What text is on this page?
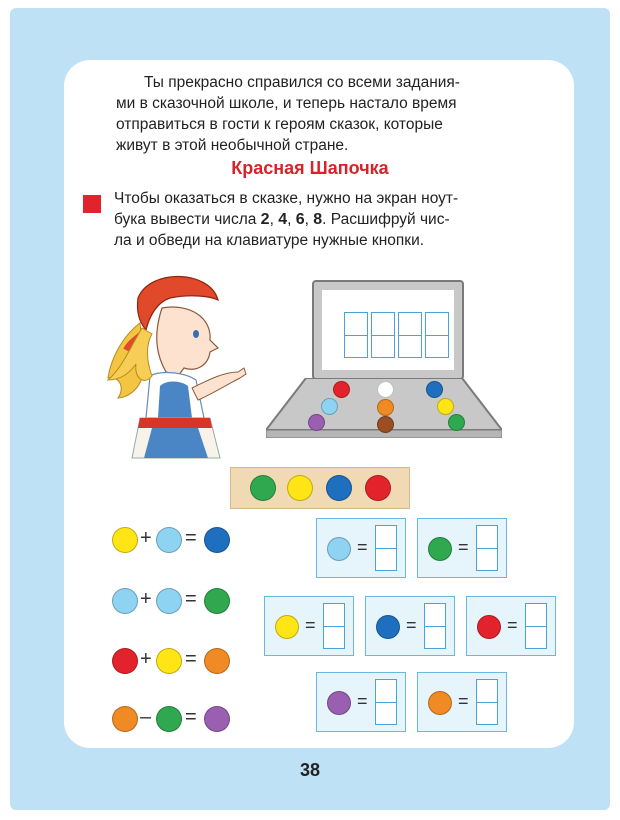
Ты прекрасно справился со всеми задания-
ми в сказочной школе, и теперь настало время
отправиться в гости к героям сказок, которые
живут в этой необычной стране.
Красная Шапочка
Чтобы оказаться в сказке, нужно на экран ноут-
бука вывести числа 2, 4, 6, 8. Расшифруй чис-
ла и обведи на клавиатуре нужные кнопки.
+ =
+ =
+ =
– =
=	=
=	=	=
=	=
38
